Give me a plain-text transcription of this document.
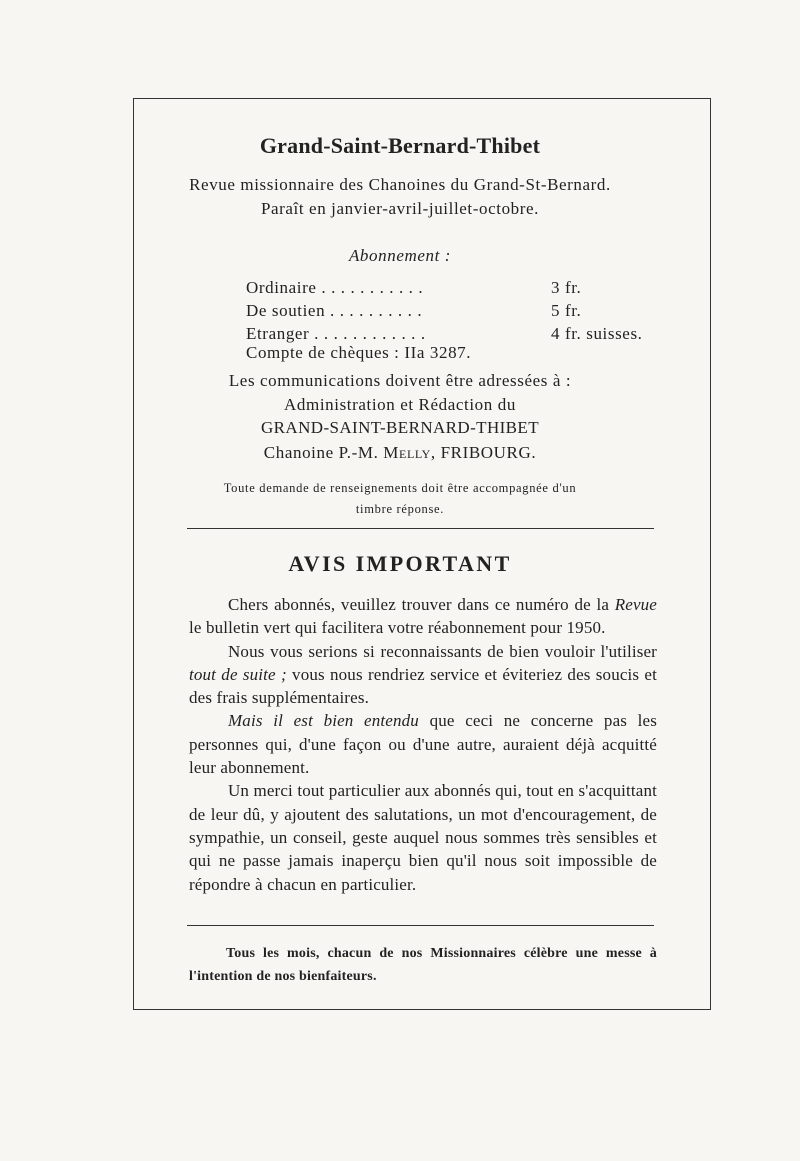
Grand-Saint-Bernard-Thibet
Revue missionnaire des Chanoines du Grand-St-Bernard.
Paraît en janvier-avril-juillet-octobre.
Abonnement :
Ordinaire . . . . . . . . . . .	3 fr.
De soutien . . . . . . . . . .	5 fr.
Etranger . . . . . . . . . . . .	4 fr. suisses.
Compte de chèques : IIa 3287.
Les communications doivent être adressées à :
Administration et Rédaction du
GRAND-SAINT-BERNARD-THIBET
Chanoine P.-M. Melly, FRIBOURG.
Toute demande de renseignements doit être accompagnée d'un
timbre réponse.
AVIS IMPORTANT

Chers abonnés, veuillez trouver dans ce numéro de la Revue le bulletin vert qui facilitera votre réabonnement pour 1950.

Nous vous serions si reconnaissants de bien vouloir l'utiliser tout de suite ; vous nous rendriez service et éviteriez des soucis et des frais supplémentaires.

Mais il est bien entendu que ceci ne concerne pas les personnes qui, d'une façon ou d'une autre, auraient déjà acquitté leur abonnement.

Un merci tout particulier aux abonnés qui, tout en s'acquittant de leur dû, y ajoutent des salutations, un mot d'encouragement, de sympathie, un conseil, geste auquel nous sommes très sensibles et qui ne passe jamais inaperçu bien qu'il nous soit impossible de répondre à chacun en particulier.

Tous les mois, chacun de nos Missionnaires célèbre une messe à l'intention de nos bienfaiteurs.
